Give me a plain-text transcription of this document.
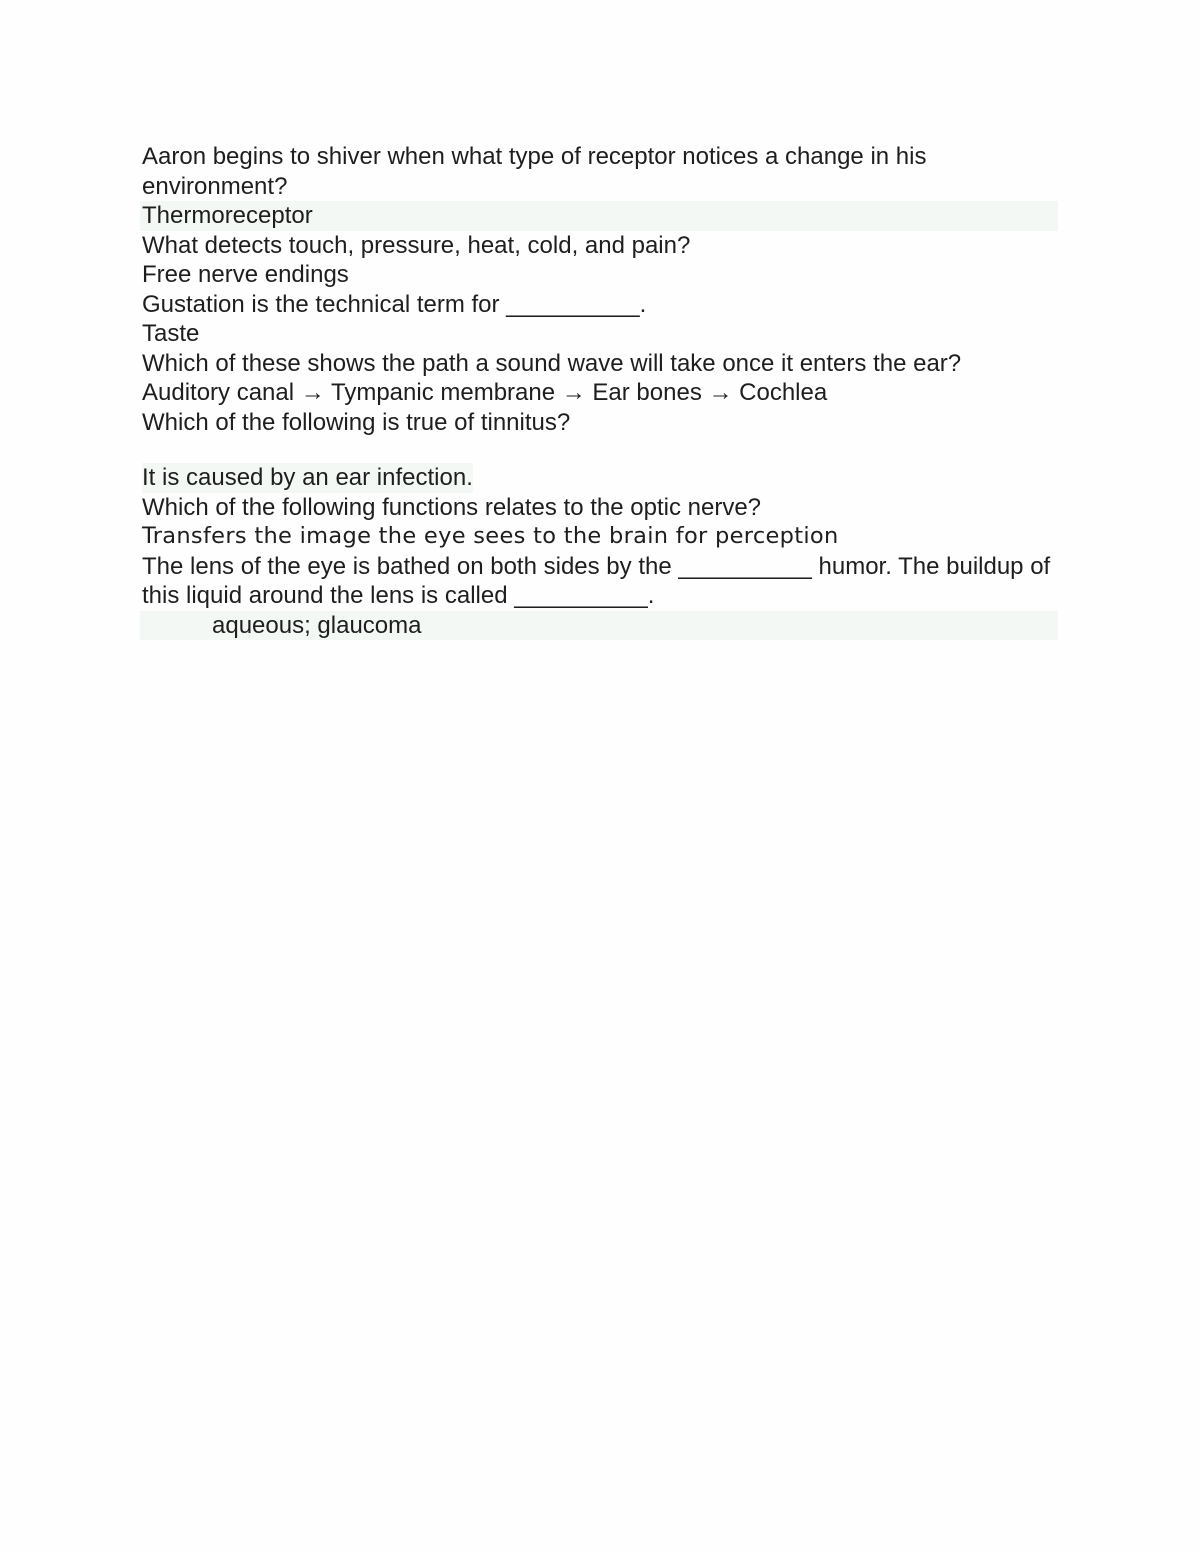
Aaron begins to shiver when what type of receptor notices a change in his environment?
Thermoreceptor
What detects touch, pressure, heat, cold, and pain?
Free nerve endings
Gustation is the technical term for __________.
Taste
Which of these shows the path a sound wave will take once it enters the ear?
Auditory canal → Tympanic membrane → Ear bones → Cochlea
Which of the following is true of tinnitus?
It is caused by an ear infection.
Which of the following functions relates to the optic nerve?
Transfers the image the eye sees to the brain for perception
The lens of the eye is bathed on both sides by the __________ humor. The buildup of this liquid around the lens is called __________.
aqueous; glaucoma
